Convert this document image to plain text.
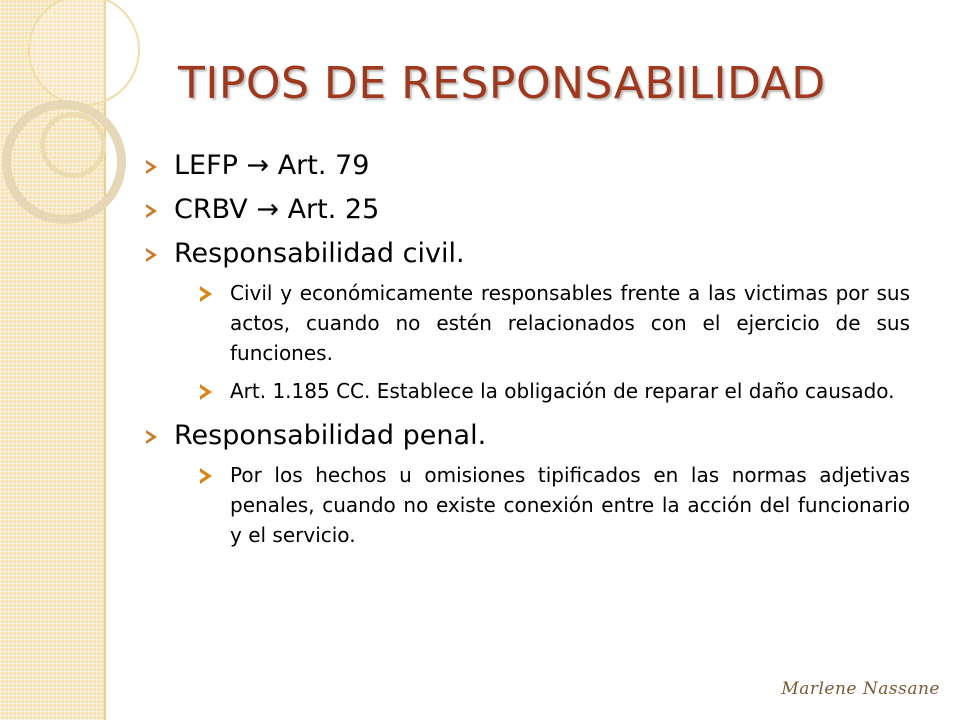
TIPOS DE RESPONSABILIDAD
LEFP → Art. 79
CRBV → Art. 25
Responsabilidad civil.
Civil y económicamente responsables frente a las victimas por sus actos, cuando no estén relacionados con el ejercicio de sus funciones.
Art. 1.185 CC. Establece la obligación de reparar el daño causado.
Responsabilidad penal.
Por los hechos u omisiones tipificados en las normas adjetivas penales, cuando no existe conexión entre la acción del funcionario y el servicio.
Marlene Nassane
